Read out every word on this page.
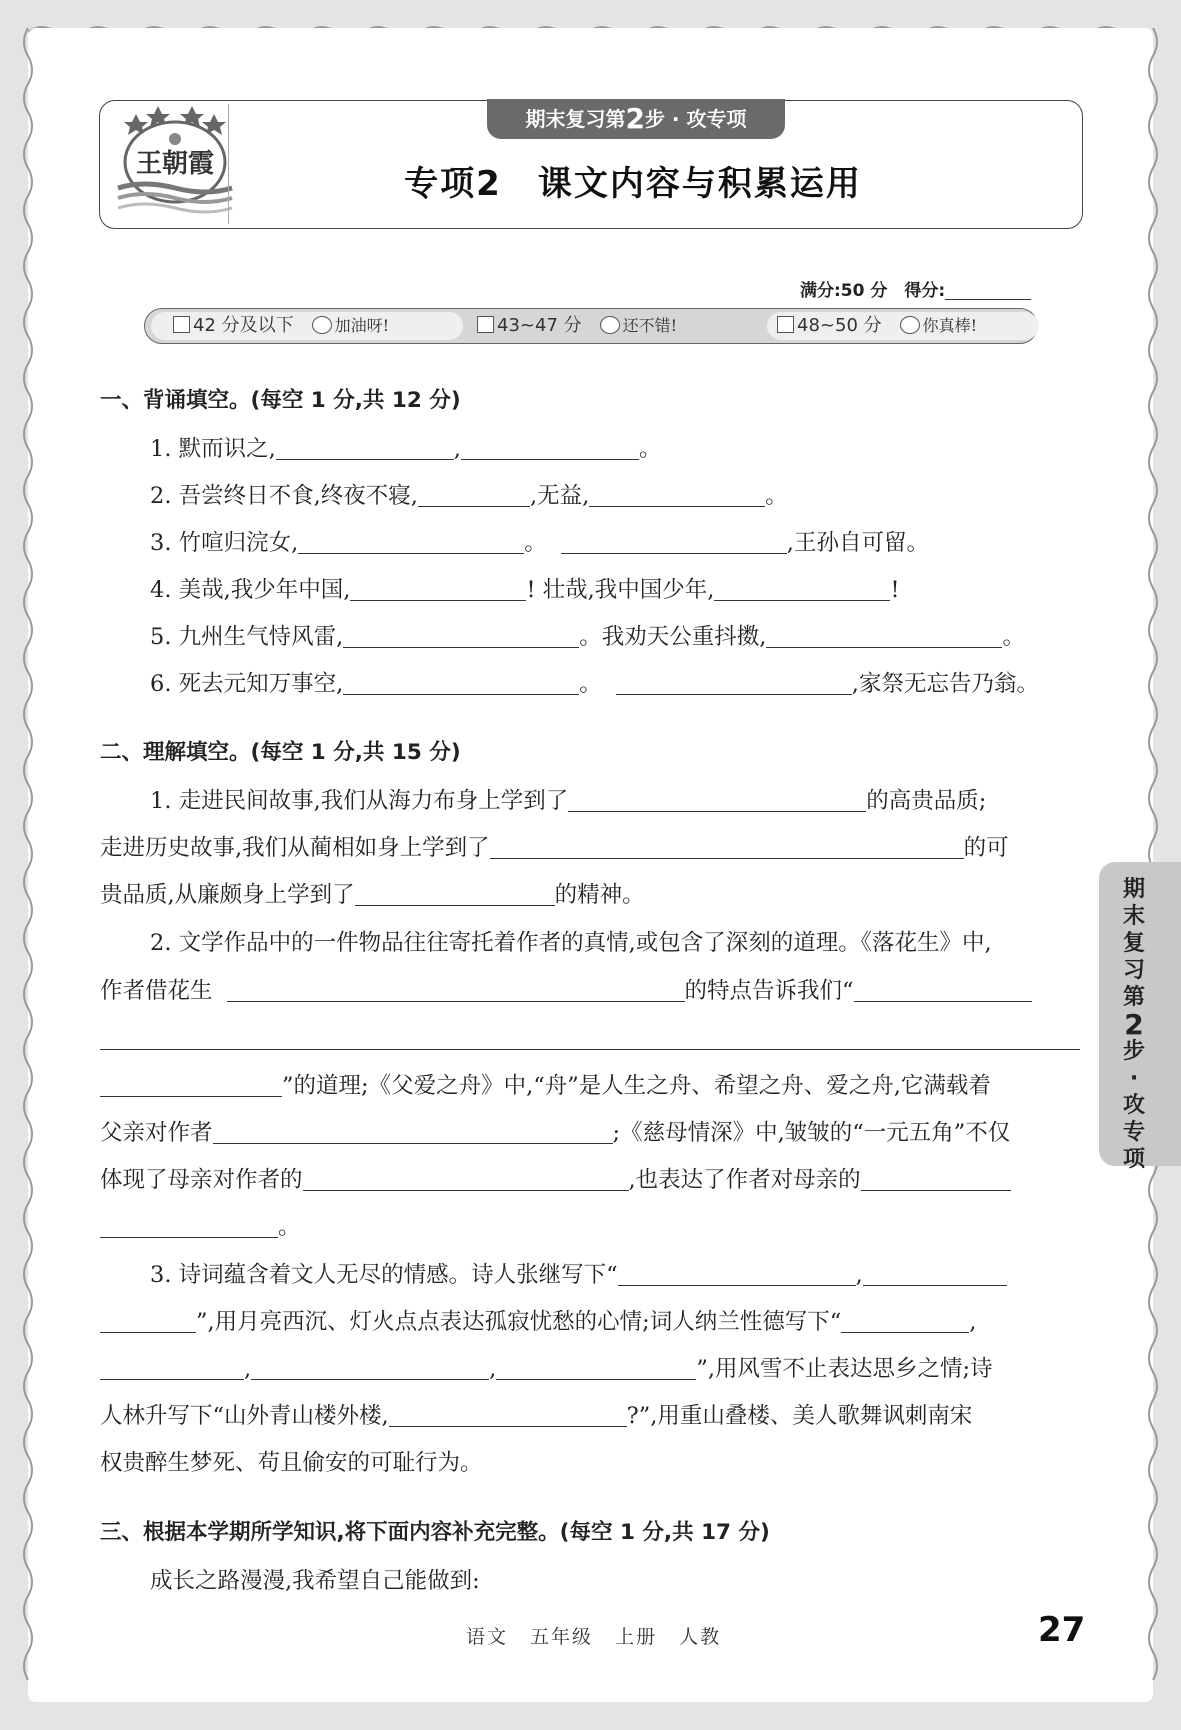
王朝霞
期末复习第2步 · 攻专项
专项2　课文内容与积累运用
满分:50 分　 得分:
42 分及以下	加油呀!	43~47 分	还不错!	48~50 分	你真棒!
一、背诵填空。(每空 1 分,共 12 分)
1. 默而识之,	,	。
2. 吾尝终日不食,终夜不寝,	,无益,	。
3. 竹喧归浣女,	。	,王孙自可留。
4. 美哉,我少年中国,	! 壮哉,我中国少年,	!
5. 九州生气恃风雷,	。我劝天公重抖擞,	。
6. 死去元知万事空,	。	,家祭无忘告乃翁。
二、理解填空。(每空 1 分,共 15 分)
1. 走进民间故事,我们从海力布身上学到了	的高贵品质;
走进历史故事,我们从蔺相如身上学到了	的可
贵品质,从廉颇身上学到了	的精神。
2. 文学作品中的一件物品往往寄托着作者的真情,或包含了深刻的道理。《落花生》中,
作者借花生	的特点告诉我们“
”的道理;《父爱之舟》中,“舟”是人生之舟、希望之舟、爱之舟,它满载着
父亲对作者	;《慈母情深》中,皱皱的“一元五角”不仅
体现了母亲对作者的	,也表达了作者对母亲的
。
3. 诗词蕴含着文人无尽的情感。诗人张继写下“	,
”,用月亮西沉、灯火点点表达孤寂忧愁的心情;词人纳兰性德写下“	,
,	,	”,用风雪不止表达思乡之情;诗
人林升写下“山外青山楼外楼,	?”,用重山叠楼、美人歌舞讽刺南宋
权贵醉生梦死、苟且偷安的可耻行为。
三、根据本学期所学知识,将下面内容补充完整。(每空 1 分,共 17 分)
成长之路漫漫,我希望自己能做到:
期
末
复
习
第
2
步
·
攻
专
项
语文 五年级 上册 人教	27
